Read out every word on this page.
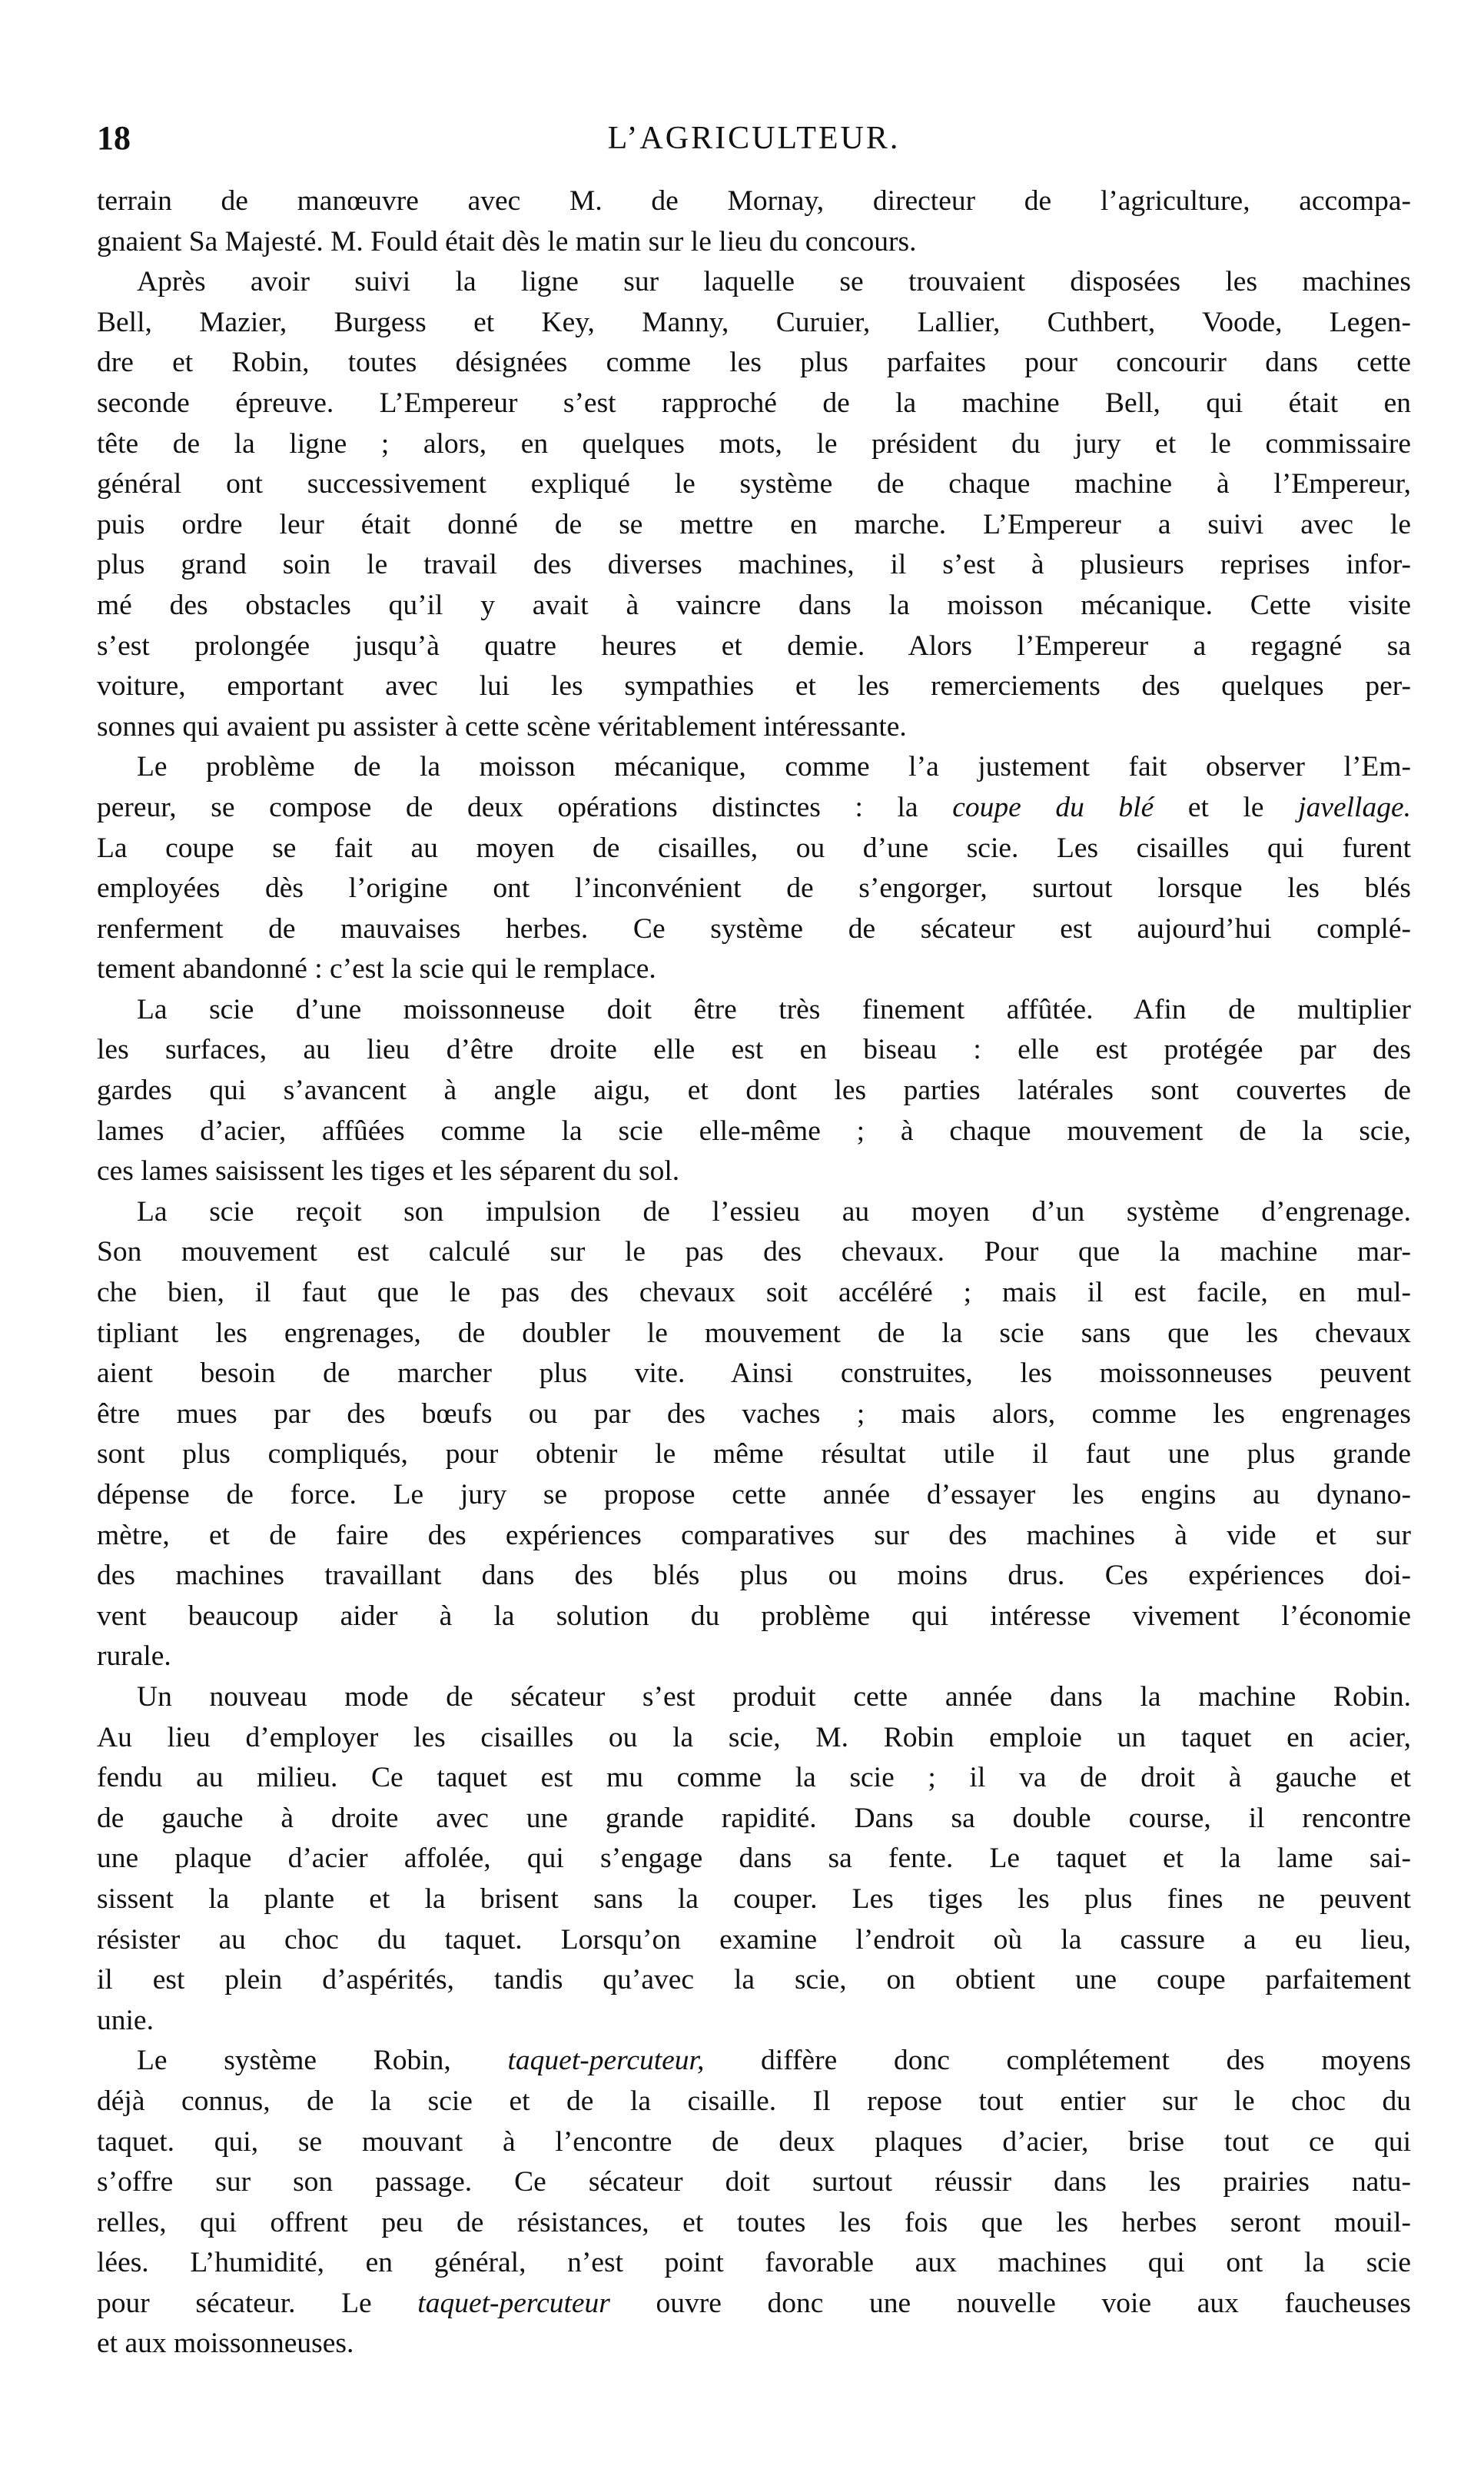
18	L’AGRICULTEUR.
terrain de manœuvre avec M. de Mornay, directeur de l’agriculture, accompa-
gnaient Sa Majesté. M. Fould était dès le matin sur le lieu du concours.
Après avoir suivi la ligne sur laquelle se trouvaient disposées les machines
Bell, Mazier, Burgess et Key, Manny, Curuier, Lallier, Cuthbert, Voode, Legen-
dre et Robin, toutes désignées comme les plus parfaites pour concourir dans cette
seconde épreuve. L’Empereur s’est rapproché de la machine Bell, qui était en
tête de la ligne ; alors, en quelques mots, le président du jury et le commissaire
général ont successivement expliqué le système de chaque machine à l’Empereur,
puis ordre leur était donné de se mettre en marche. L’Empereur a suivi avec le
plus grand soin le travail des diverses machines, il s’est à plusieurs reprises infor-
mé des obstacles qu’il y avait à vaincre dans la moisson mécanique. Cette visite
s’est prolongée jusqu’à quatre heures et demie. Alors l’Empereur a regagné sa
voiture, emportant avec lui les sympathies et les remerciements des quelques per-
sonnes qui avaient pu assister à cette scène véritablement intéressante.
Le problème de la moisson mécanique, comme l’a justement fait observer l’Em-
pereur, se compose de deux opérations distinctes : la coupe du blé et le javellage.
La coupe se fait au moyen de cisailles, ou d’une scie. Les cisailles qui furent
employées dès l’origine ont l’inconvénient de s’engorger, surtout lorsque les blés
renferment de mauvaises herbes. Ce système de sécateur est aujourd’hui complé-
tement abandonné : c’est la scie qui le remplace.
La scie d’une moissonneuse doit être très finement affûtée. Afin de multiplier
les surfaces, au lieu d’être droite elle est en biseau : elle est protégée par des
gardes qui s’avancent à angle aigu, et dont les parties latérales sont couvertes de
lames d’acier, affûées comme la scie elle-même ; à chaque mouvement de la scie,
ces lames saisissent les tiges et les séparent du sol.
La scie reçoit son impulsion de l’essieu au moyen d’un système d’engrenage.
Son mouvement est calculé sur le pas des chevaux. Pour que la machine mar-
che bien, il faut que le pas des chevaux soit accéléré ; mais il est facile, en mul-
tipliant les engrenages, de doubler le mouvement de la scie sans que les chevaux
aient besoin de marcher plus vite. Ainsi construites, les moissonneuses peuvent
être mues par des bœufs ou par des vaches ; mais alors, comme les engrenages
sont plus compliqués, pour obtenir le même résultat utile il faut une plus grande
dépense de force. Le jury se propose cette année d’essayer les engins au dynano-
mètre, et de faire des expériences comparatives sur des machines à vide et sur
des machines travaillant dans des blés plus ou moins drus. Ces expériences doi-
vent beaucoup aider à la solution du problème qui intéresse vivement l’économie
rurale.
Un nouveau mode de sécateur s’est produit cette année dans la machine Robin.
Au lieu d’employer les cisailles ou la scie, M. Robin emploie un taquet en acier,
fendu au milieu. Ce taquet est mu comme la scie ; il va de droit à gauche et
de gauche à droite avec une grande rapidité. Dans sa double course, il rencontre
une plaque d’acier affolée, qui s’engage dans sa fente. Le taquet et la lame sai-
sissent la plante et la brisent sans la couper. Les tiges les plus fines ne peuvent
résister au choc du taquet. Lorsqu’on examine l’endroit où la cassure a eu lieu,
il est plein d’aspérités, tandis qu’avec la scie, on obtient une coupe parfaitement
unie.
Le système Robin, taquet-percuteur, diffère donc complétement des moyens
déjà connus, de la scie et de la cisaille. Il repose tout entier sur le choc du
taquet. qui, se mouvant à l’encontre de deux plaques d’acier, brise tout ce qui
s’offre sur son passage. Ce sécateur doit surtout réussir dans les prairies natu-
relles, qui offrent peu de résistances, et toutes les fois que les herbes seront mouil-
lées. L’humidité, en général, n’est point favorable aux machines qui ont la scie
pour sécateur. Le taquet-percuteur ouvre donc une nouvelle voie aux faucheuses
et aux moissonneuses.
